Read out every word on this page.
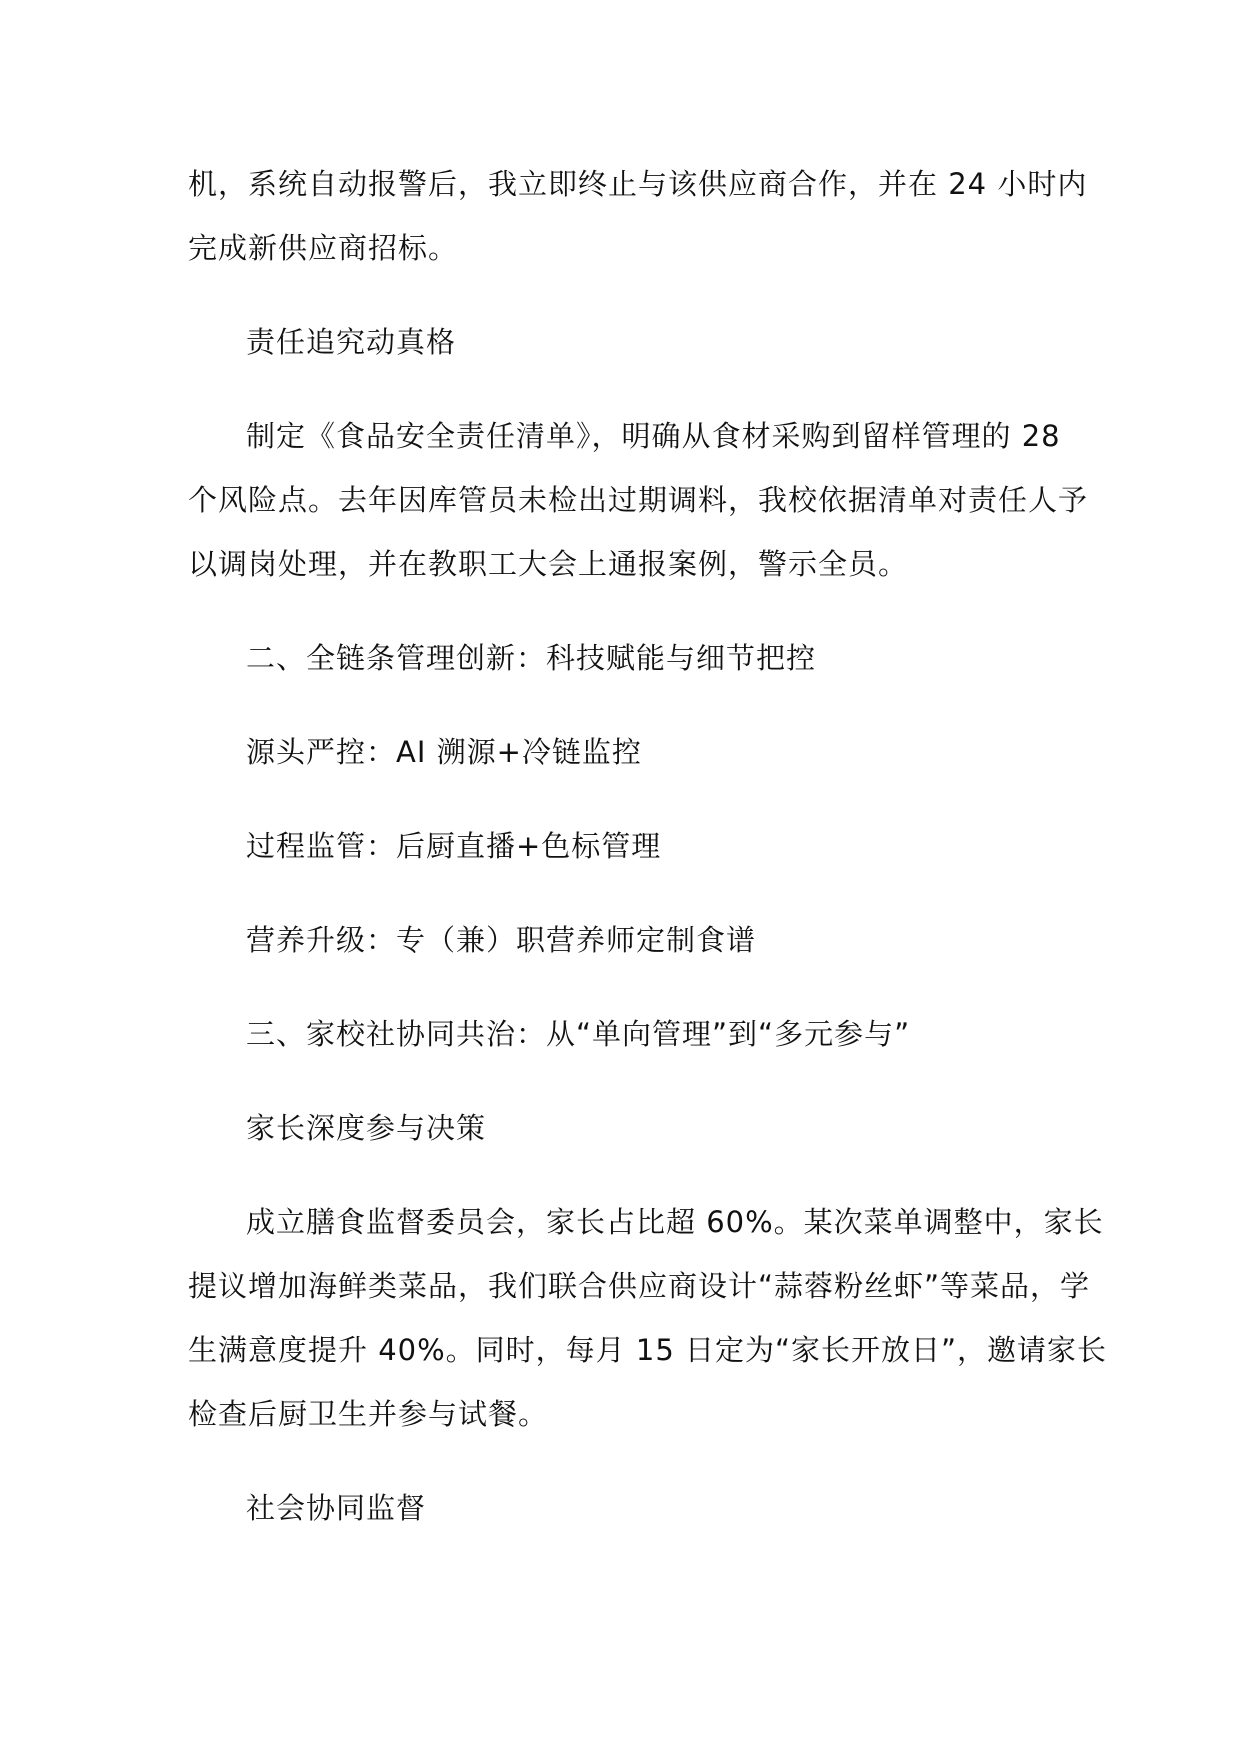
机，系统自动报警后，我立即终止与该供应商合作，并在 24 小时内
完成新供应商招标。
责任追究动真格
制定《食品安全责任清单》，明确从食材采购到留样管理的 28
个风险点。去年因库管员未检出过期调料，我校依据清单对责任人予
以调岗处理，并在教职工大会上通报案例，警示全员。
二、全链条管理创新：科技赋能与细节把控
源头严控：AI 溯源+冷链监控
过程监管：后厨直播+色标管理
营养升级：专（兼）职营养师定制食谱
三、家校社协同共治：从“单向管理”到“多元参与”
家长深度参与决策
成立膳食监督委员会，家长占比超 60%。某次菜单调整中，家长
提议增加海鲜类菜品，我们联合供应商设计“蒜蓉粉丝虾”等菜品，学
生满意度提升 40%。同时，每月 15 日定为“家长开放日”，邀请家长
检查后厨卫生并参与试餐。
社会协同监督
